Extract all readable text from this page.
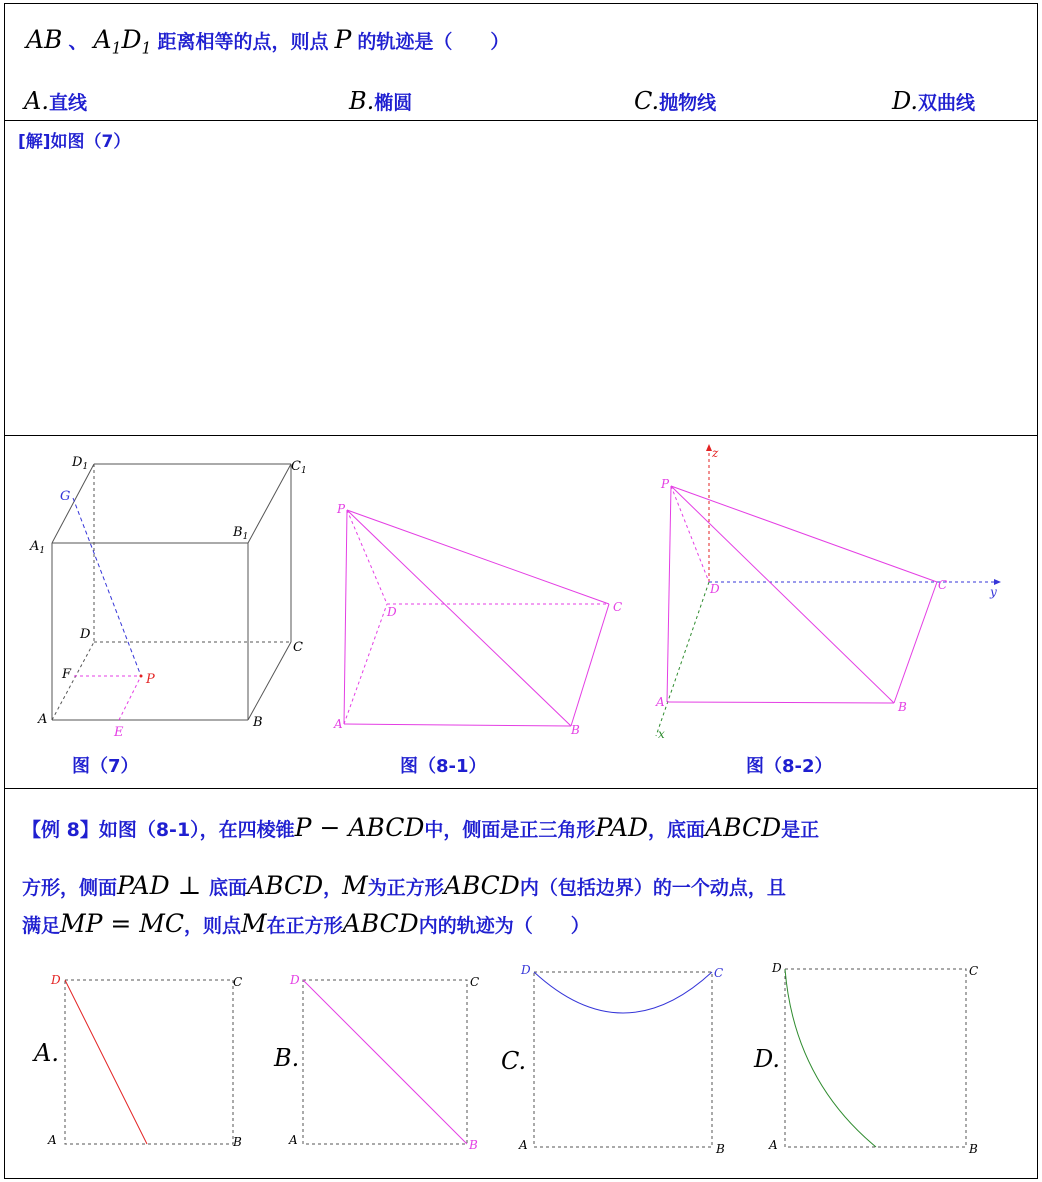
AB 、 $A_1D_1$ 距离相等的点，则点 P 的轨迹是（　　）
A.直线	B.椭圆	C.抛物线	D.双曲线
[解]如图（7）
$D_1$	$C_1$
G
$A_1$
$B_1$
D
C
F	P
A	B
E
P
D	C
A	B
z
P
D	C	y
A	B
x
图（7）	图（8-1）	图（8-2）
【例 8】如图（8-1），在四棱锥P − ABCD中，侧面是正三角形PAD，底面ABCD是正
方形，侧面PAD ⊥ 底面ABCD，M为正方形ABCD内（包括边界）的一个动点，且
满足MP = MC，则点M在正方形ABCD内的轨迹为（　　）
A.	B.	C.	D.
D	C
A	B
D	C
A	B
D	C
A	B
D	C
A	B
